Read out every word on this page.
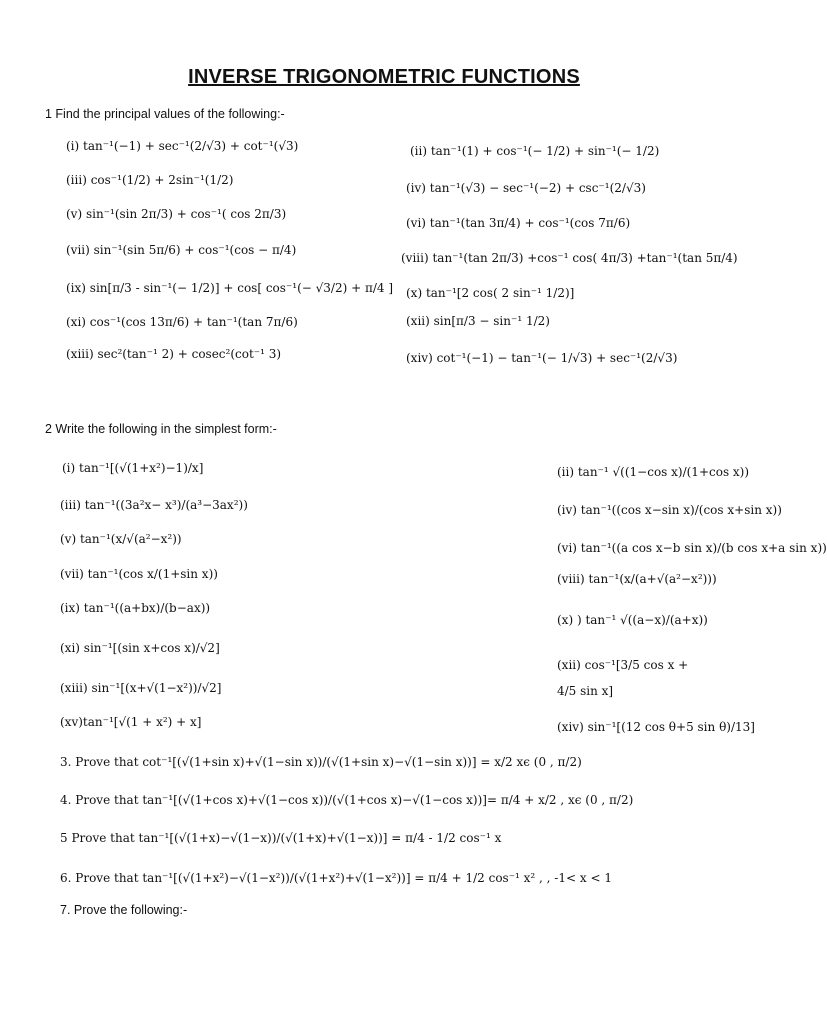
INVERSE TRIGONOMETRIC FUNCTIONS
1 Find the principal values of the following:-
(i) tan⁻¹(−1) + sec⁻¹(2/√3) + cot⁻¹(√3)
(iii) cos⁻¹(1/2) + 2sin⁻¹(1/2)
(v) sin⁻¹(sin 2π/3) + cos⁻¹( cos 2π/3)
(vii) sin⁻¹(sin 5π/6) + cos⁻¹(cos − π/4)
(ix) sin[π/3 - sin⁻¹(− 1/2)] + cos[ cos⁻¹(− √3/2) + π/4 ]
(xi) cos⁻¹(cos 13π/6) + tan⁻¹(tan 7π/6)
(xiii) sec²(tan⁻¹ 2) + cosec²(cot⁻¹ 3)
(ii) tan⁻¹(1) + cos⁻¹(− 1/2) + sin⁻¹(− 1/2)
(iv) tan⁻¹(√3) − sec⁻¹(−2) + csc⁻¹(2/√3)
(vi) tan⁻¹(tan 3π/4) + cos⁻¹(cos 7π/6)
(viii) tan⁻¹(tan 2π/3) +cos⁻¹ cos( 4π/3) +tan⁻¹(tan 5π/4)
(x) tan⁻¹[2 cos( 2 sin⁻¹ 1/2)]
(xii) sin[π/3 − sin⁻¹ 1/2)
(xiv) cot⁻¹(−1) − tan⁻¹(− 1/√3) + sec⁻¹(2/√3)
2 Write the following in the simplest form:-
(i) tan⁻¹[(√(1+x²)−1)/x]
(iii) tan⁻¹((3a²x− x³)/(a³−3ax²))
(v) tan⁻¹(x/√(a²−x²))
(vii) tan⁻¹(cos x/(1+sin x))
(ix) tan⁻¹((a+bx)/(b−ax))
(xi) sin⁻¹[(sin x+cos x)/√2]
(xiii) sin⁻¹[(x+√(1−x²))/√2]
(xv)tan⁻¹[√(1 + x²) + x]
(ii) tan⁻¹ √((1−cos x)/(1+cos x))
(iv) tan⁻¹((cos x−sin x)/(cos x+sin x))
(vi) tan⁻¹((a cos x−b sin x)/(b cos x+a sin x))
(viii) tan⁻¹(x/(a+√(a²−x²)))
(x) ) tan⁻¹ √((a−x)/(a+x))
(xii) cos⁻¹[3/5 cos x +
4/5 sin x]
(xiv) sin⁻¹[(12 cos θ+5 sin θ)/13]
3. Prove that cot⁻¹[(√(1+sin x)+√(1−sin x))/(√(1+sin x)−√(1−sin x))] = x/2 xϵ (0 , π/2)
4. Prove that tan⁻¹[(√(1+cos x)+√(1−cos x))/(√(1+cos x)−√(1−cos x))]= π/4 + x/2 , xϵ (0 , π/2)
5 Prove that tan⁻¹[(√(1+x)−√(1−x))/(√(1+x)+√(1−x))] = π/4 - 1/2 cos⁻¹ x
6. Prove that tan⁻¹[(√(1+x²)−√(1−x²))/(√(1+x²)+√(1−x²))] = π/4 + 1/2 cos⁻¹ x² , , -1< x < 1
7. Prove the following:-
